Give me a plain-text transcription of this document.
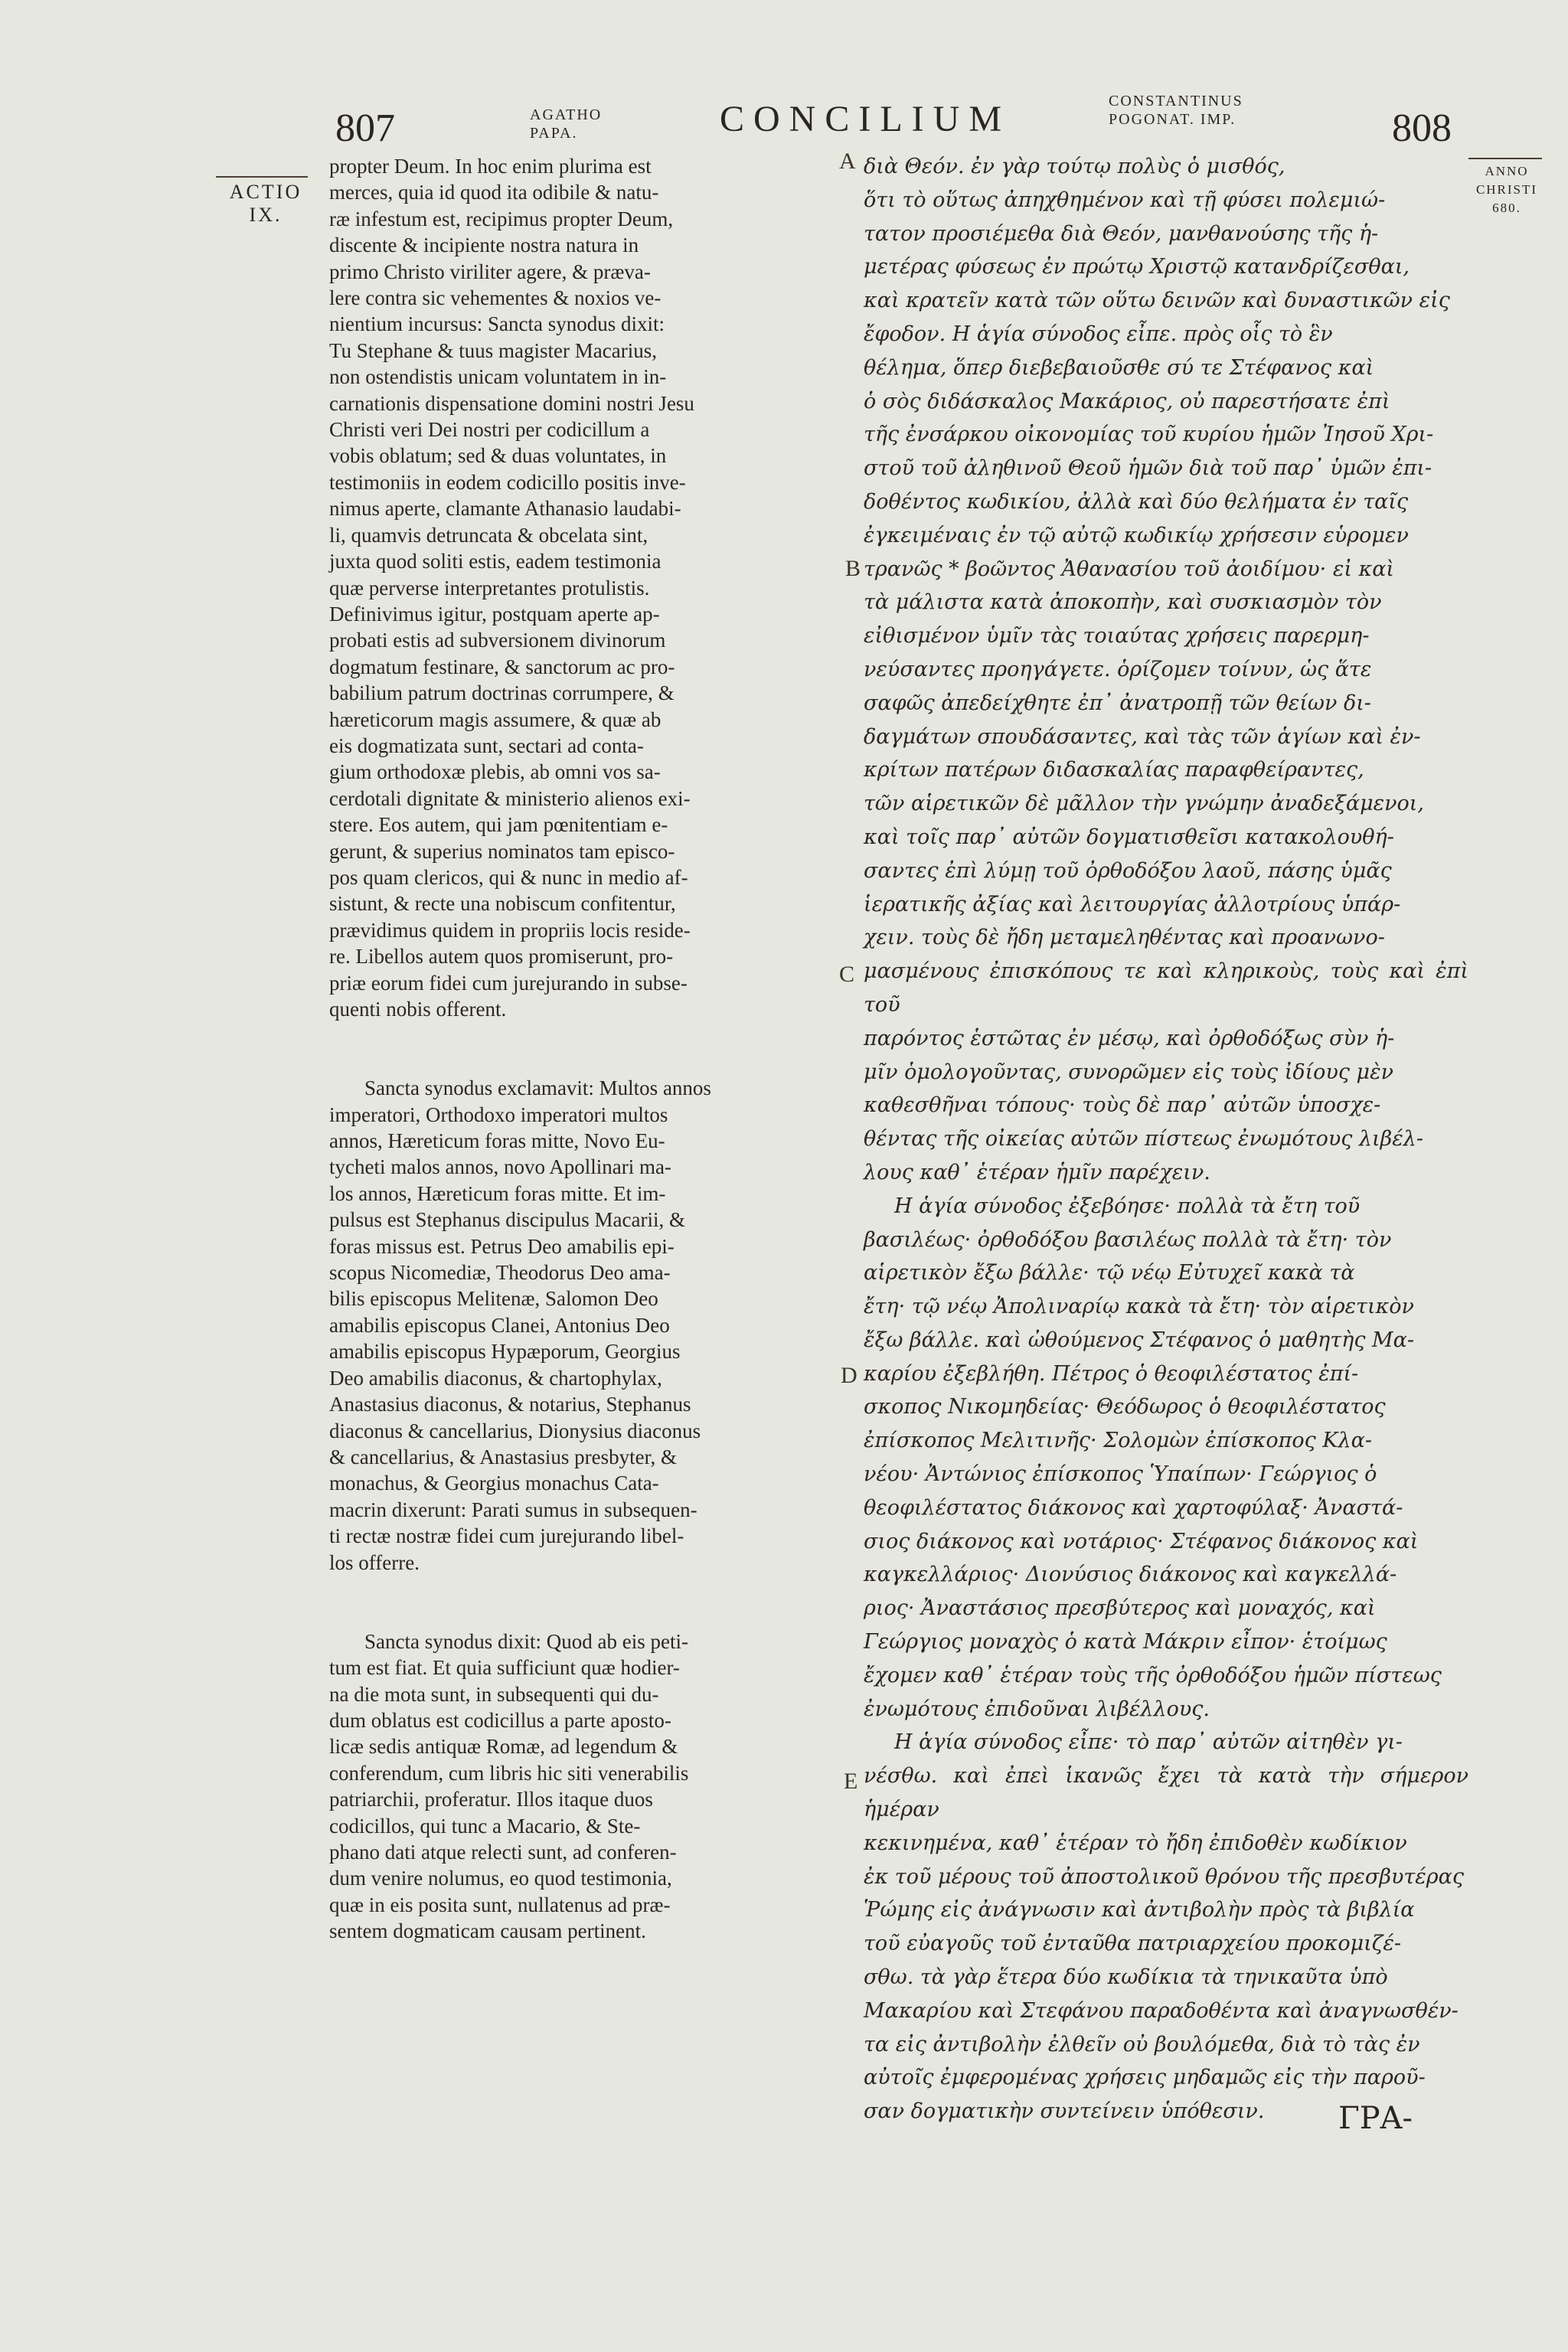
807	AGATHO
PAPA.	CONCILIUM	CONSTANTINUS
POGONAT. IMP.	808
ACTIO
IX.
ANNO
CHRISTI
680.
A
B
C
D
E

propter Deum. In hoc enim plurima est

merces, quia id quod ita odibile & natu-

ræ infestum est, recipimus propter Deum,

discente & incipiente nostra natura in

primo Christo viriliter agere, & præva-

lere contra sic vehementes & noxios ve-

nientium incursus: Sancta synodus dixit:

Tu Stephane & tuus magister Macarius,

non ostendistis unicam voluntatem in in-

carnationis dispensatione domini nostri Jesu

Christi veri Dei nostri per codicillum a

vobis oblatum; sed & duas voluntates, in

testimoniis in eodem codicillo positis inve-

nimus aperte, clamante Athanasio laudabi-

li, quamvis detruncata & obcelata sint,

juxta quod soliti estis, eadem testimonia

quæ perverse interpretantes protulistis.

Definivimus igitur, postquam aperte ap-

probati estis ad subversionem divinorum

dogmatum festinare, & sanctorum ac pro-

babilium patrum doctrinas corrumpere, &

hæreticorum magis assumere, & quæ ab

eis dogmatizata sunt, sectari ad conta-

gium orthodoxæ plebis, ab omni vos sa-

cerdotali dignitate & ministerio alienos exi-

stere. Eos autem, qui jam pœnitentiam e-

gerunt, & superius nominatos tam episco-

pos quam clericos, qui & nunc in medio af-

sistunt, & recte una nobiscum confitentur,

prævidimus quidem in propriis locis reside-

re. Libellos autem quos promiserunt, pro-

priæ eorum fidei cum jurejurando in subse-

quenti nobis offerent.

Sancta synodus exclamavit: Multos annos

imperatori, Orthodoxo imperatori multos

annos, Hæreticum foras mitte, Novo Eu-

tycheti malos annos, novo Apollinari ma-

los annos, Hæreticum foras mitte. Et im-

pulsus est Stephanus discipulus Macarii, &

foras missus est. Petrus Deo amabilis epi-

scopus Nicomediæ, Theodorus Deo ama-

bilis episcopus Melitenæ, Salomon Deo

amabilis episcopus Clanei, Antonius Deo

amabilis episcopus Hypæporum, Georgius

Deo amabilis diaconus, & chartophylax,

Anastasius diaconus, & notarius, Stephanus

diaconus & cancellarius, Dionysius diaconus

& cancellarius, & Anastasius presbyter, &

monachus, & Georgius monachus Cata-

macrin dixerunt: Parati sumus in subsequen-

ti rectæ nostræ fidei cum jurejurando libel-

los offerre.

Sancta synodus dixit: Quod ab eis peti-

tum est fiat. Et quia sufficiunt quæ hodier-

na die mota sunt, in subsequenti qui du-

dum oblatus est codicillus a parte aposto-

licæ sedis antiquæ Romæ, ad legendum &

conferendum, cum libris hic siti venerabilis

patriarchii, proferatur. Illos itaque duos

codicillos, qui tunc a Macario, & Ste-

phano dati atque relecti sunt, ad conferen-

dum venire nolumus, eo quod testimonia,

quæ in eis posita sunt, nullatenus ad præ-

sentem dogmaticam causam pertinent.

διὰ Θεόν. ἐν γὰρ τούτῳ πολὺς ὁ μισθός,

ὅτι τὸ οὕτως ἀπηχθημένον καὶ τῇ φύσει πολεμιώ-

τατον προσιέμεθα διὰ Θεόν, μανθανούσης τῆς ἡ-

μετέρας φύσεως ἐν πρώτῳ Χριστῷ κατανδρίζεσθαι,

καὶ κρατεῖν κατὰ τῶν οὕτω δεινῶν καὶ δυναστικῶν εἰς

ἔφοδον. Η ἁγία σύνοδος εἶπε. πρὸς οἷς τὸ ἓν

θέλημα, ὅπερ διεβεβαιοῦσθε σύ τε Στέφανος καὶ

ὁ σὸς διδάσκαλος Μακάριος, οὐ παρεστήσατε ἐπὶ

τῆς ἐνσάρκου οἰκονομίας τοῦ κυρίου ἡμῶν Ἰησοῦ Χρι-

στοῦ τοῦ ἀληθινοῦ Θεοῦ ἡμῶν διὰ τοῦ παρ᾽ ὑμῶν ἐπι-

δοθέντος κωδικίου, ἀλλὰ καὶ δύο θελήματα ἐν ταῖς

ἐγκειμέναις ἐν τῷ αὐτῷ κωδικίῳ χρήσεσιν εὑρομεν

τρανῶς * βοῶντος Ἀθανασίου τοῦ ἀοιδίμου· εἰ καὶ

τὰ μάλιστα κατὰ ἀποκοπὴν, καὶ συσκιασμὸν τὸν

εἰθισμένον ὑμῖν τὰς τοιαύτας χρήσεις παρερμη-

νεύσαντες προηγάγετε. ὁρίζομεν τοίνυν, ὡς ἅτε

σαφῶς ἀπεδείχθητε ἐπ᾽ ἀνατροπῇ τῶν θείων δι-

δαγμάτων σπουδάσαντες, καὶ τὰς τῶν ἁγίων καὶ ἐν-

κρίτων πατέρων διδασκαλίας παραφθείραντες,

τῶν αἱρετικῶν δὲ μᾶλλον τὴν γνώμην ἀναδεξάμενοι,

καὶ τοῖς παρ᾽ αὐτῶν δογματισθεῖσι κατακολουθή-

σαντες ἐπὶ λύμῃ τοῦ ὀρθοδόξου λαοῦ, πάσης ὑμᾶς

ἱερατικῆς ἀξίας καὶ λειτουργίας ἀλλοτρίους ὑπάρ-

χειν. τοὺς δὲ ἤδη μεταμεληθέντας καὶ προανωνο-

μασμένους ἐπισκόπους τε καὶ κληρικοὺς, τοὺς καὶ ἐπὶ τοῦ

παρόντος ἑστῶτας ἐν μέσῳ, καὶ ὀρθοδόξως σὺν ἡ-

μῖν ὁμολογοῦντας, συνορῶμεν εἰς τοὺς ἰδίους μὲν

καθεσθῆναι τόπους· τοὺς δὲ παρ᾽ αὐτῶν ὑποσχε-

θέντας τῆς οἰκείας αὐτῶν πίστεως ἐνωμότους λιβέλ-

λους καθ᾽ ἑτέραν ἡμῖν παρέχειν.

Η ἁγία σύνοδος ἐξεβόησε· πολλὰ τὰ ἔτη τοῦ

βασιλέως· ὀρθοδόξου βασιλέως πολλὰ τὰ ἔτη· τὸν

αἱρετικὸν ἔξω βάλλε· τῷ νέῳ Εὐτυχεῖ κακὰ τὰ

ἔτη· τῷ νέῳ Ἀπολιναρίῳ κακὰ τὰ ἔτη· τὸν αἱρετικὸν

ἔξω βάλλε. καὶ ὠθούμενος Στέφανος ὁ μαθητὴς Μα-

καρίου ἐξεβλήθη. Πέτρος ὁ θεοφιλέστατος ἐπί-

σκοπος Νικομηδείας· Θεόδωρος ὁ θεοφιλέστατος

ἐπίσκοπος Μελιτινῆς· Σολομὼν ἐπίσκοπος Κλα-

νέου· Ἀντώνιος ἐπίσκοπος Ὑπαίπων· Γεώργιος ὁ

θεοφιλέστατος διάκονος καὶ χαρτοφύλαξ· Ἀναστά-

σιος διάκονος καὶ νοτάριος· Στέφανος διάκονος καὶ

καγκελλάριος· Διονύσιος διάκονος καὶ καγκελλά-

ριος· Ἀναστάσιος πρεσβύτερος καὶ μοναχός, καὶ

Γεώργιος μοναχὸς ὁ κατὰ Μάκριν εἶπον· ἑτοίμως

ἔχομεν καθ᾽ ἑτέραν τοὺς τῆς ὀρθοδόξου ἡμῶν πίστεως

ἐνωμότους ἐπιδοῦναι λιβέλλους.

Η ἁγία σύνοδος εἶπε· τὸ παρ᾽ αὐτῶν αἰτηθὲν γι-

νέσθω. καὶ ἐπεὶ ἱκανῶς ἔχει τὰ κατὰ τὴν σήμερον ἡμέραν

κεκινημένα, καθ᾽ ἑτέραν τὸ ἤδη ἐπιδοθὲν κωδίκιον

ἐκ τοῦ μέρους τοῦ ἀποστολικοῦ θρόνου τῆς πρεσβυτέρας

Ῥώμης εἰς ἀνάγνωσιν καὶ ἀντιβολὴν πρὸς τὰ βιβλία

τοῦ εὐαγοῦς τοῦ ἐνταῦθα πατριαρχείου προκομιζέ-

σθω. τὰ γὰρ ἕτερα δύο κωδίκια τὰ τηνικαῦτα ὑπὸ

Μακαρίου καὶ Στεφάνου παραδοθέντα καὶ ἀναγνωσθέν-

τα εἰς ἀντιβολὴν ἐλθεῖν οὐ βουλόμεθα, διὰ τὸ τὰς ἐν

αὐτοῖς ἐμφερομένας χρήσεις μηδαμῶς εἰς τὴν παροῦ-

σαν δογματικὴν συντείνειν ὑπόθεσιν.	ΓΡΑ-
